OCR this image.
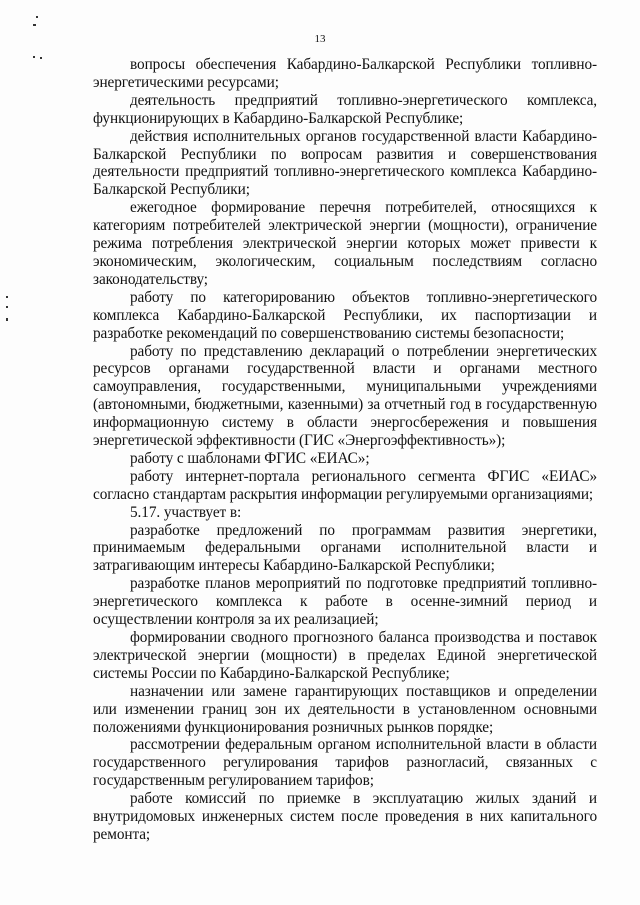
13

вопросы обеспечения Кабардино-Балкарской Республики топливно-энергетическими ресурсами;

деятельность предприятий топливно-энергетического комплекса, функционирующих в Кабардино-Балкарской Республике;

действия исполнительных органов государственной власти Кабардино-Балкарской Республики по вопросам развития и совершенствования деятельности предприятий топливно-энергетического комплекса Кабардино-Балкарской Республики;

ежегодное формирование перечня потребителей, относящихся к категориям потребителей электрической энергии (мощности), ограничение режима потребления электрической энергии которых может привести к экономическим, экологическим, социальным последствиям согласно законодательству;

работу по категорированию объектов топливно-энергетического комплекса Кабардино-Балкарской Республики, их паспортизации и разработке рекомендаций по совершенствованию системы безопасности;

работу по представлению деклараций о потреблении энергетических ресурсов органами государственной власти и органами местного самоуправления, государственными, муниципальными учреждениями (автономными, бюджетными, казенными) за отчетный год в государственную информационную систему в области энергосбережения и повышения энергетической эффективности (ГИС «Энергоэффективность»);

работу с шаблонами ФГИС «ЕИАС»;

работу интернет-портала регионального сегмента ФГИС «ЕИАС» согласно стандартам раскрытия информации регулируемыми организациями;

5.17. участвует в:

разработке предложений по программам развития энергетики, принимаемым федеральными органами исполнительной власти и затрагивающим интересы Кабардино-Балкарской Республики;

разработке планов мероприятий по подготовке предприятий топливно-энергетического комплекса к работе в осенне-зимний период и осуществлении контроля за их реализацией;

формировании сводного прогнозного баланса производства и поставок электрической энергии (мощности) в пределах Единой энергетической системы России по Кабардино-Балкарской Республике;

назначении или замене гарантирующих поставщиков и определении или изменении границ зон их деятельности в установленном основными положениями функционирования розничных рынков порядке;

рассмотрении федеральным органом исполнительной власти в области государственного регулирования тарифов разногласий, связанных с государственным регулированием тарифов;

работе комиссий по приемке в эксплуатацию жилых зданий и внутридомовых инженерных систем после проведения в них капитального ремонта;
